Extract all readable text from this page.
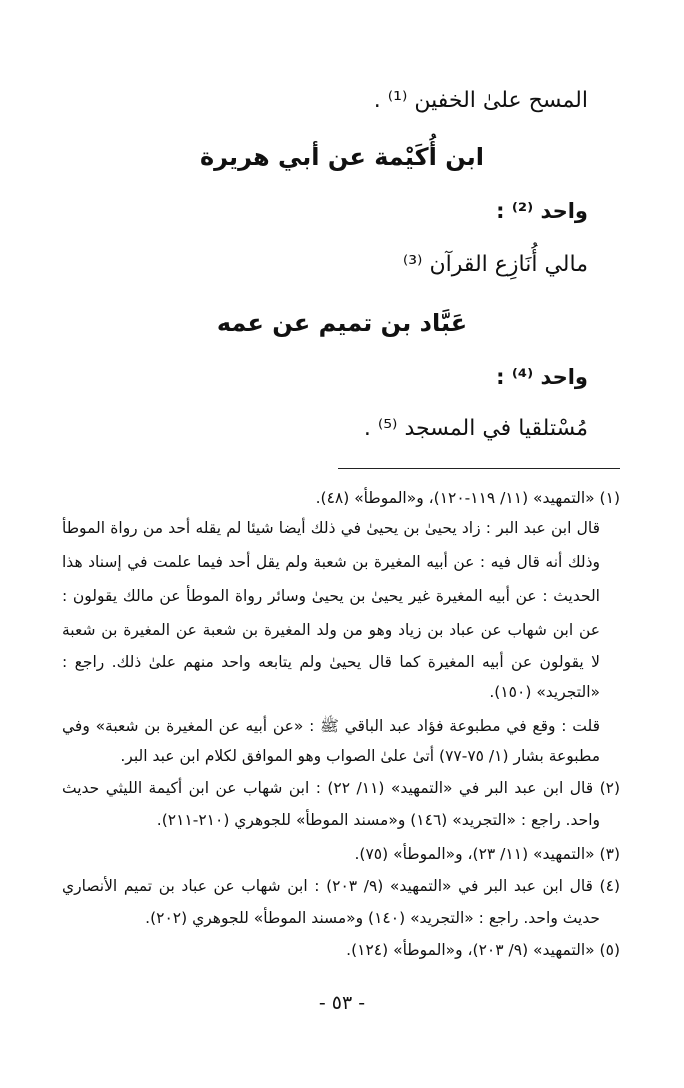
المسح علىٰ الخفين ⁽¹⁾ .
ابن أُكَيْمة عن أبي هريرة
واحد ⁽²⁾ :
مالي أُنَازِع القرآن ⁽³⁾
عَبَّاد بن تميم عن عمه
واحد ⁽⁴⁾ :
مُسْتلقيا في المسجد ⁽⁵⁾ .
(١) «التمهيد» (١١/ ١١٩-١٢٠)، و«الموطأ» (٤٨).
قال ابن عبد البر : زاد يحيىٰ بن يحيىٰ في ذلك أيضا شيئا لم يقله أحد من رواة الموطأ
وذلك أنه قال فيه : عن أبيه المغيرة بن شعبة ولم يقل أحد فيما علمت في إسناد هذا
الحديث : عن أبيه المغيرة غير يحيىٰ بن يحيىٰ وسائر رواة الموطأ عن مالك يقولون :
عن ابن شهاب عن عباد بن زياد وهو من ولد المغيرة بن شعبة عن المغيرة بن شعبة
لا يقولون عن أبيه المغيرة كما قال يحيىٰ ولم يتابعه واحد منهم علىٰ ذلك. راجع :
«التجريد» (١٥٠).
قلت : وقع في مطبوعة فؤاد عبد الباقي ﷺ : «عن أبيه عن المغيرة بن شعبة» وفي
مطبوعة بشار (١/ ٧٥-٧٧) أتىٰ علىٰ الصواب وهو الموافق لكلام ابن عبد البر.
(٢) قال ابن عبد البر في «التمهيد» (١١/ ٢٢) : ابن شهاب عن ابن أكيمة الليثي حديث
واحد. راجع : «التجريد» (١٤٦) و«مسند الموطأ» للجوهري (٢١٠-٢١١).
(٣) «التمهيد» (١١/ ٢٣)، و«الموطأ» (٧٥).
(٤) قال ابن عبد البر في «التمهيد» (٩/ ٢٠٣) : ابن شهاب عن عباد بن تميم الأنصاري
حديث واحد. راجع : «التجريد» (١٤٠) و«مسند الموطأ» للجوهري (٢٠٢).
(٥) «التمهيد» (٩/ ٢٠٣)، و«الموطأ» (١٢٤).
- ٥٣ -
